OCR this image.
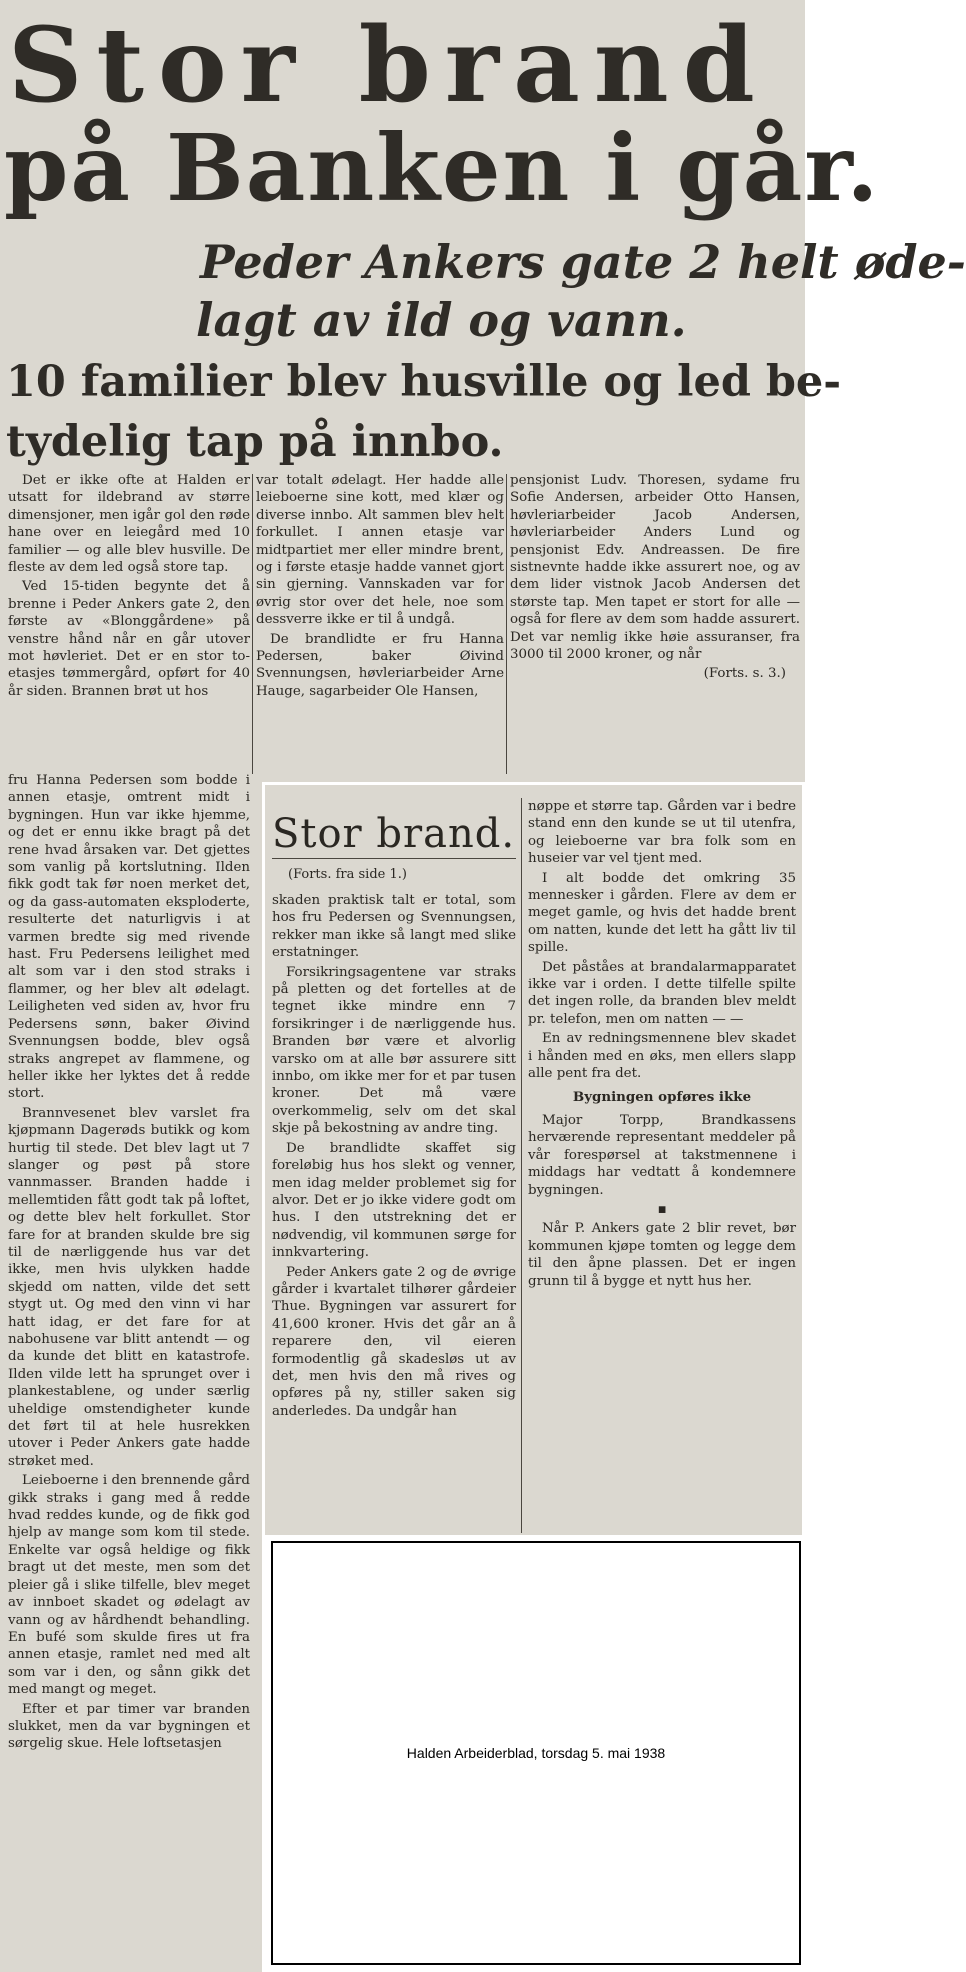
Stor brand
på Banken i går.
Peder Ankers gate 2 helt øde-
lagt av ild og vann.
10 familier blev husville og led be-
tydelig tap på innbo.

Det er ikke ofte at Halden er utsatt for ildebrand av større dimensjoner, men igår gol den røde hane over en leiegård med 10 familier — og alle blev husville. De fleste av dem led også store tap.

Ved 15-tiden begynte det å brenne i Peder Ankers gate 2, den første av «Blonggårdene» på venstre hånd når en går utover mot høvleriet. Det er en stor to-etasjes tømmergård, opført for 40 år siden. Brannen brøt ut hos

var totalt ødelagt. Her hadde alle leieboerne sine kott, med klær og diverse innbo. Alt sammen blev helt forkullet. I annen etasje var midtpartiet mer eller mindre brent, og i første etasje hadde vannet gjort sin gjerning. Vannskaden var for øvrig stor over det hele, noe som dessverre ikke er til å undgå.

De brandlidte er fru Hanna Pedersen, baker Øivind Svennungsen, høvleriarbeider Arne Hauge, sagarbeider Ole Hansen,

pensjonist Ludv. Thoresen, sydame fru Sofie Andersen, arbeider Otto Hansen, høvleriarbeider Jacob Andersen, høvleriarbeider Anders Lund og pensjonist Edv. Andreassen. De fire sistnevnte hadde ikke assurert noe, og av dem lider vistnok Jacob Andersen det største tap. Men tapet er stort for alle — også for flere av dem som hadde assurert. Det var nemlig ikke høie assuranser, fra 3000 til 2000 kroner, og når

(Forts. s. 3.)

fru Hanna Pedersen som bodde i annen etasje, omtrent midt i bygningen. Hun var ikke hjemme, og det er ennu ikke bragt på det rene hvad årsaken var. Det gjettes som vanlig på kortslutning. Ilden fikk godt tak før noen merket det, og da gass-automaten eksploderte, resulterte det naturligvis i at varmen bredte sig med rivende hast. Fru Pedersens leilighet med alt som var i den stod straks i flammer, og her blev alt ødelagt. Leiligheten ved siden av, hvor fru Pedersens sønn, baker Øivind Svennungsen bodde, blev også straks angrepet av flammene, og heller ikke her lyktes det å redde stort.

Brannvesenet blev varslet fra kjøpmann Dagerøds butikk og kom hurtig til stede. Det blev lagt ut 7 slanger og pøst på store vannmasser. Branden hadde i mellemtiden fått godt tak på loftet, og dette blev helt forkullet. Stor fare for at branden skulde bre sig til de nærliggende hus var det ikke, men hvis ulykken hadde skjedd om natten, vilde det sett stygt ut. Og med den vinn vi har hatt idag, er det fare for at nabohusene var blitt antendt — og da kunde det blitt en katastrofe. Ilden vilde lett ha sprunget over i plankestablene, og under særlig uheldige omstendigheter kunde det ført til at hele husrekken utover i Peder Ankers gate hadde strøket med.

Leieboerne i den brennende gård gikk straks i gang med å redde hvad reddes kunde, og de fikk god hjelp av mange som kom til stede. Enkelte var også heldige og fikk bragt ut det meste, men som det pleier gå i slike tilfelle, blev meget av innboet skadet og ødelagt av vann og av hårdhendt behandling. En bufé som skulde fires ut fra annen etasje, ramlet ned med alt som var i den, og sånn gikk det med mangt og meget.

Efter et par timer var branden slukket, men da var bygningen et sørgelig skue. Hele loftsetasjen

Stor brand.
(Forts. fra side 1.)

skaden praktisk talt er total, som hos fru Pedersen og Svennungsen, rekker man ikke så langt med slike erstatninger.

Forsikringsagentene var straks på pletten og det fortelles at de tegnet ikke mindre enn 7 forsikringer i de nærliggende hus. Branden bør være et alvorlig varsko om at alle bør assurere sitt innbo, om ikke mer for et par tusen kroner. Det må være overkommelig, selv om det skal skje på bekostning av andre ting.

De brandlidte skaffet sig foreløbig hus hos slekt og venner, men idag melder problemet sig for alvor. Det er jo ikke videre godt om hus. I den utstrekning det er nødvendig, vil kommunen sørge for innkvartering.

Peder Ankers gate 2 og de øvrige gårder i kvartalet tilhører gårdeier Thue. Bygningen var assurert for 41,600 kroner. Hvis det går an å reparere den, vil eieren formodentlig gå skadesløs ut av det, men hvis den må rives og opføres på ny, stiller saken sig anderledes. Da undgår han

nøppe et større tap. Gården var i bedre stand enn den kunde se ut til utenfra, og leieboerne var bra folk som en huseier var vel tjent med.

I alt bodde det omkring 35 mennesker i gården. Flere av dem er meget gamle, og hvis det hadde brent om natten, kunde det lett ha gått liv til spille.

Det påståes at brandalarmapparatet ikke var i orden. I dette tilfelle spilte det ingen rolle, da branden blev meldt pr. telefon, men om natten — —

En av redningsmennene blev skadet i hånden med en øks, men ellers slapp alle pent fra det.

Bygningen opføres ikke

Major Torpp, Brandkassens herværende representant meddeler på vår forespørsel at takstmennene i middags har vedtatt å kondemnere bygningen.

▪

Når P. Ankers gate 2 blir revet, bør kommunen kjøpe tomten og legge dem til den åpne plassen. Det er ingen grunn til å bygge et nytt hus her.

Halden Arbeiderblad, torsdag 5. mai 1938
